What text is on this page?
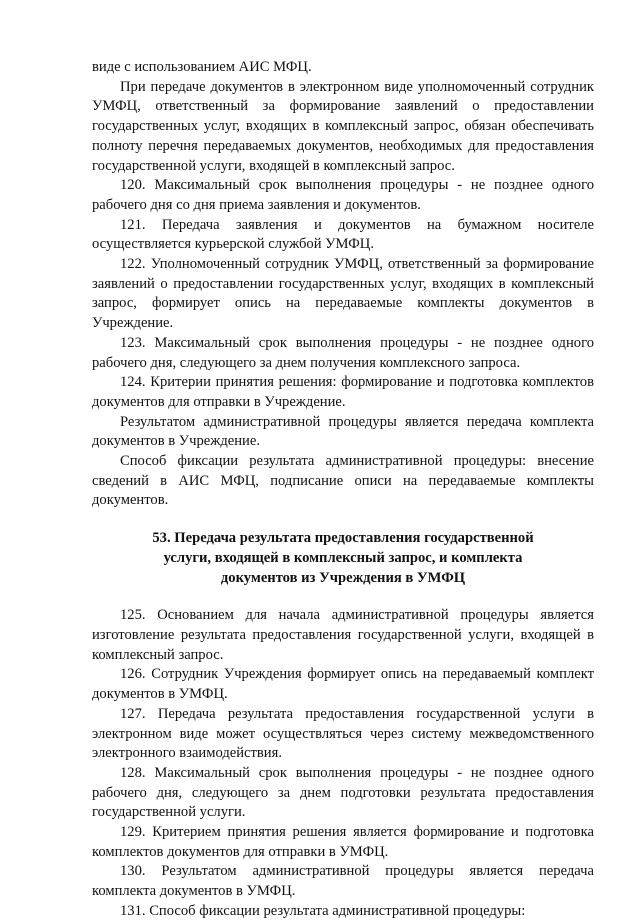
виде с использованием АИС МФЦ.

При передаче документов в электронном виде уполномоченный сотрудник УМФЦ, ответственный за формирование заявлений о предоставлении государственных услуг, входящих в комплексный запрос, обязан обеспечивать полноту перечня передаваемых документов, необходимых для предоставления государственной услуги, входящей в комплексный запрос.

120. Максимальный срок выполнения процедуры - не позднее одного рабочего дня со дня приема заявления и документов.

121. Передача заявления и документов на бумажном носителе осуществляется курьерской службой УМФЦ.

122. Уполномоченный сотрудник УМФЦ, ответственный за формирование заявлений о предоставлении государственных услуг, входящих в комплексный запрос, формирует опись на передаваемые комплекты документов в Учреждение.

123. Максимальный срок выполнения процедуры - не позднее одного рабочего дня, следующего за днем получения комплексного запроса.

124. Критерии принятия решения: формирование и подготовка комплектов документов для отправки в Учреждение.

Результатом административной процедуры является передача комплекта документов в Учреждение.

Способ фиксации результата административной процедуры: внесение сведений в АИС МФЦ, подписание описи на передаваемые комплекты документов.

53. Передача результата предоставления государственной
услуги, входящей в комплексный запрос, и комплекта
документов из Учреждения в УМФЦ

125. Основанием для начала административной процедуры является изготовление результата предоставления государственной услуги, входящей в комплексный запрос.

126. Сотрудник Учреждения формирует опись на передаваемый комплект документов в УМФЦ.

127. Передача результата предоставления государственной услуги в электронном виде может осуществляться через систему межведомственного электронного взаимодействия.

128. Максимальный срок выполнения процедуры - не позднее одного рабочего дня, следующего за днем подготовки результата предоставления государственной услуги.

129. Критерием принятия решения является формирование и подготовка комплектов документов для отправки в УМФЦ.

130. Результатом административной процедуры является передача комплекта документов в УМФЦ.

131. Способ фиксации результата административной процедуры:
